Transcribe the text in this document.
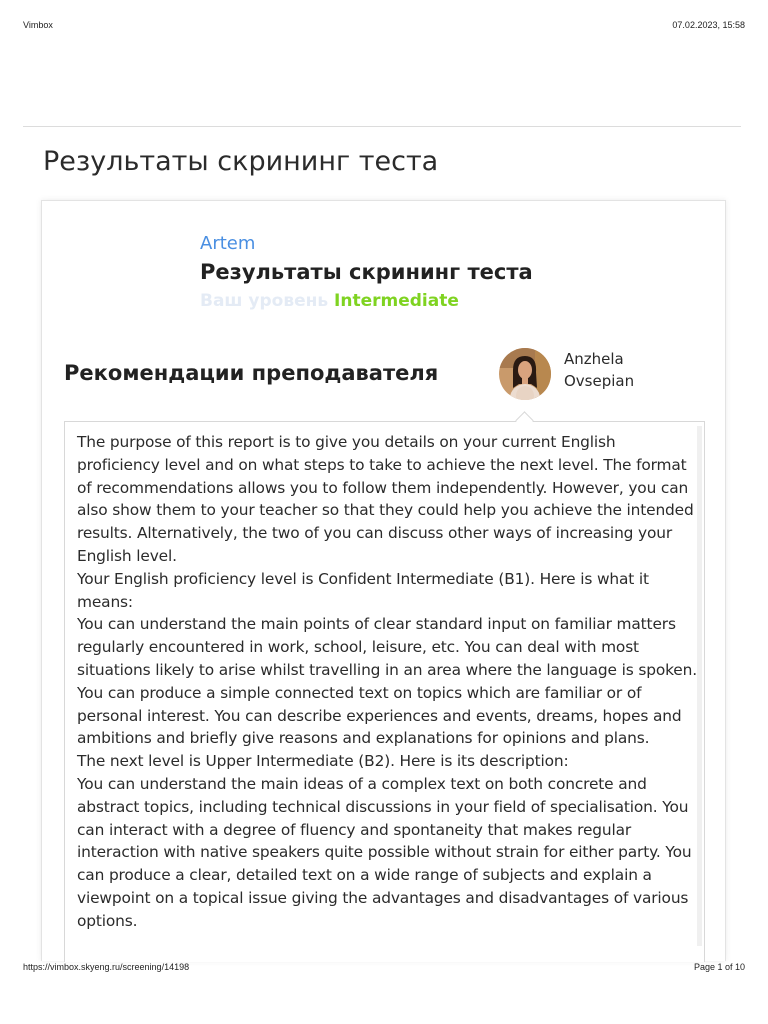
Vimbox	07.02.2023, 15:58
Результаты скрининг теста
Artem
Результаты скрининг теста
Ваш уровень Intermediate
Рекомендации преподавателя
Anzhela
Ovsepian

The purpose of this report is to give you details on your current English proficiency level and on what steps to take to achieve the next level. The format of recommendations allows you to follow them independently. However, you can also show them to your teacher so that they could help you achieve the intended results. Alternatively, the two of you can discuss other ways of increasing your English level.

Your English proficiency level is Confident Intermediate (B1). Here is what it means:

You can understand the main points of clear standard input on familiar matters regularly encountered in work, school, leisure, etc. You can deal with most situations likely to arise whilst travelling in an area where the language is spoken. You can produce a simple connected text on topics which are familiar or of personal interest. You can describe experiences and events, dreams, hopes and ambitions and briefly give reasons and explanations for opinions and plans.

The next level is Upper Intermediate (B2). Here is its description:

You can understand the main ideas of a complex text on both concrete and abstract topics, including technical discussions in your field of specialisation. You can interact with a degree of fluency and spontaneity that makes regular interaction with native speakers quite possible without strain for either party. You can produce a clear, detailed text on a wide range of subjects and explain a viewpoint on a topical issue giving the advantages and disadvantages of various options.

https://vimbox.skyeng.ru/screening/14198	Page 1 of 10
